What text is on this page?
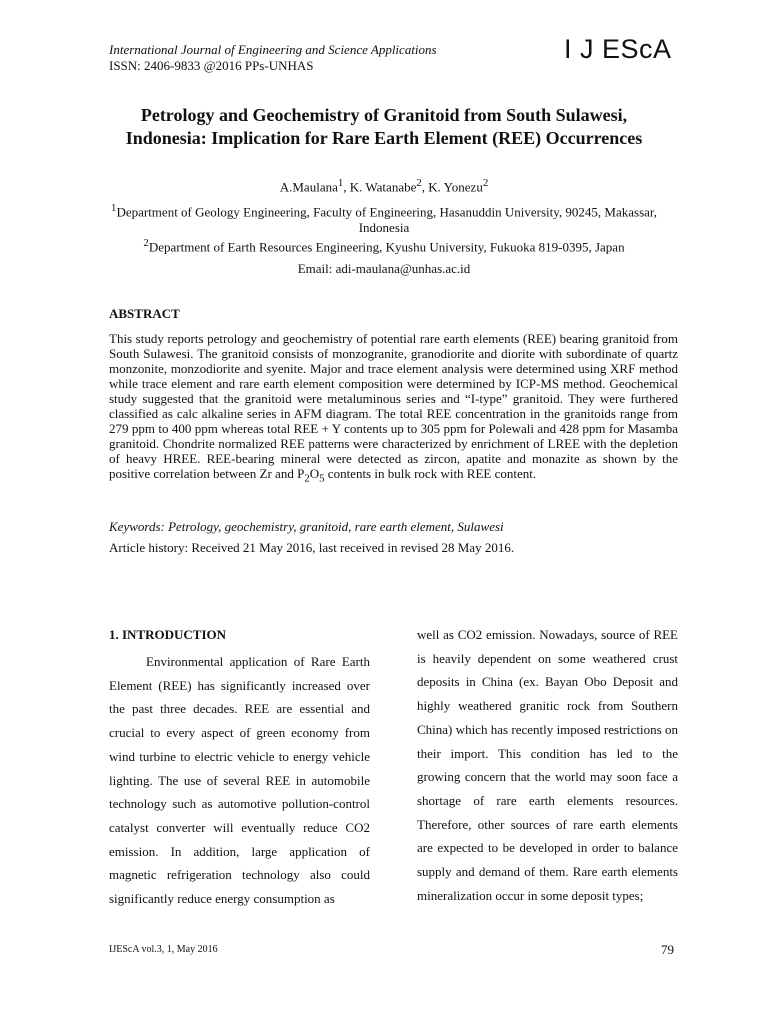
International Journal of Engineering and Science Applications
ISSN: 2406-9833 @2016 PPs-UNHAS
I J EScA
Petrology and Geochemistry of Granitoid from South Sulawesi, Indonesia: Implication for Rare Earth Element (REE) Occurrences
A.Maulana$^1$, K. Watanabe$^2$, K. Yonezu$^2$
$^1$Department of Geology Engineering, Faculty of Engineering, Hasanuddin University, 90245, Makassar, Indonesia
$^2$Department of Earth Resources Engineering, Kyushu University, Fukuoka 819-0395, Japan
Email: adi-maulana@unhas.ac.id
ABSTRACT
This study reports petrology and geochemistry of potential rare earth elements (REE) bearing granitoid from South Sulawesi. The granitoid consists of monzogranite, granodiorite and diorite with subordinate of quartz monzonite, monzodiorite and syenite. Major and trace element analysis were determined using XRF method while trace element and rare earth element composition were determined by ICP-MS method. Geochemical study suggested that the granitoid were metaluminous series and “I-type” granitoid. They were furthered classified as calc alkaline series in AFM diagram. The total REE concentration in the granitoids range from 279 ppm to 400 ppm whereas total REE + Y contents up to 305 ppm for Polewali and 428 ppm for Masamba granitoid. Chondrite normalized REE patterns were characterized by enrichment of LREE with the depletion of heavy HREE. REE-bearing mineral were detected as zircon, apatite and monazite as shown by the positive correlation between Zr and $P_2O_5$ contents in bulk rock with REE content.
Keywords: Petrology, geochemistry, granitoid, rare earth element, Sulawesi
Article history: Received 21 May 2016, last received in revised 28 May 2016.
1. INTRODUCTION

Environmental application of Rare Earth Element (REE) has significantly increased over the past three decades. REE are essential and crucial to every aspect of green economy from wind turbine to electric vehicle to energy vehicle lighting. The use of several REE in automobile technology such as automotive pollution-control catalyst converter will eventually reduce CO2 emission. In addition, large application of magnetic refrigeration technology also could significantly reduce energy consumption as

well as CO2 emission. Nowadays, source of REE is heavily dependent on some weathered crust deposits in China (ex. Bayan Obo Deposit and highly weathered granitic rock from Southern China) which has recently imposed restrictions on their import. This condition has led to the growing concern that the world may soon face a shortage of rare earth elements resources. Therefore, other sources of rare earth elements are expected to be developed in order to balance supply and demand of them. Rare earth elements mineralization occur in some deposit types;

IJEScA vol.3, 1, May 2016	79
